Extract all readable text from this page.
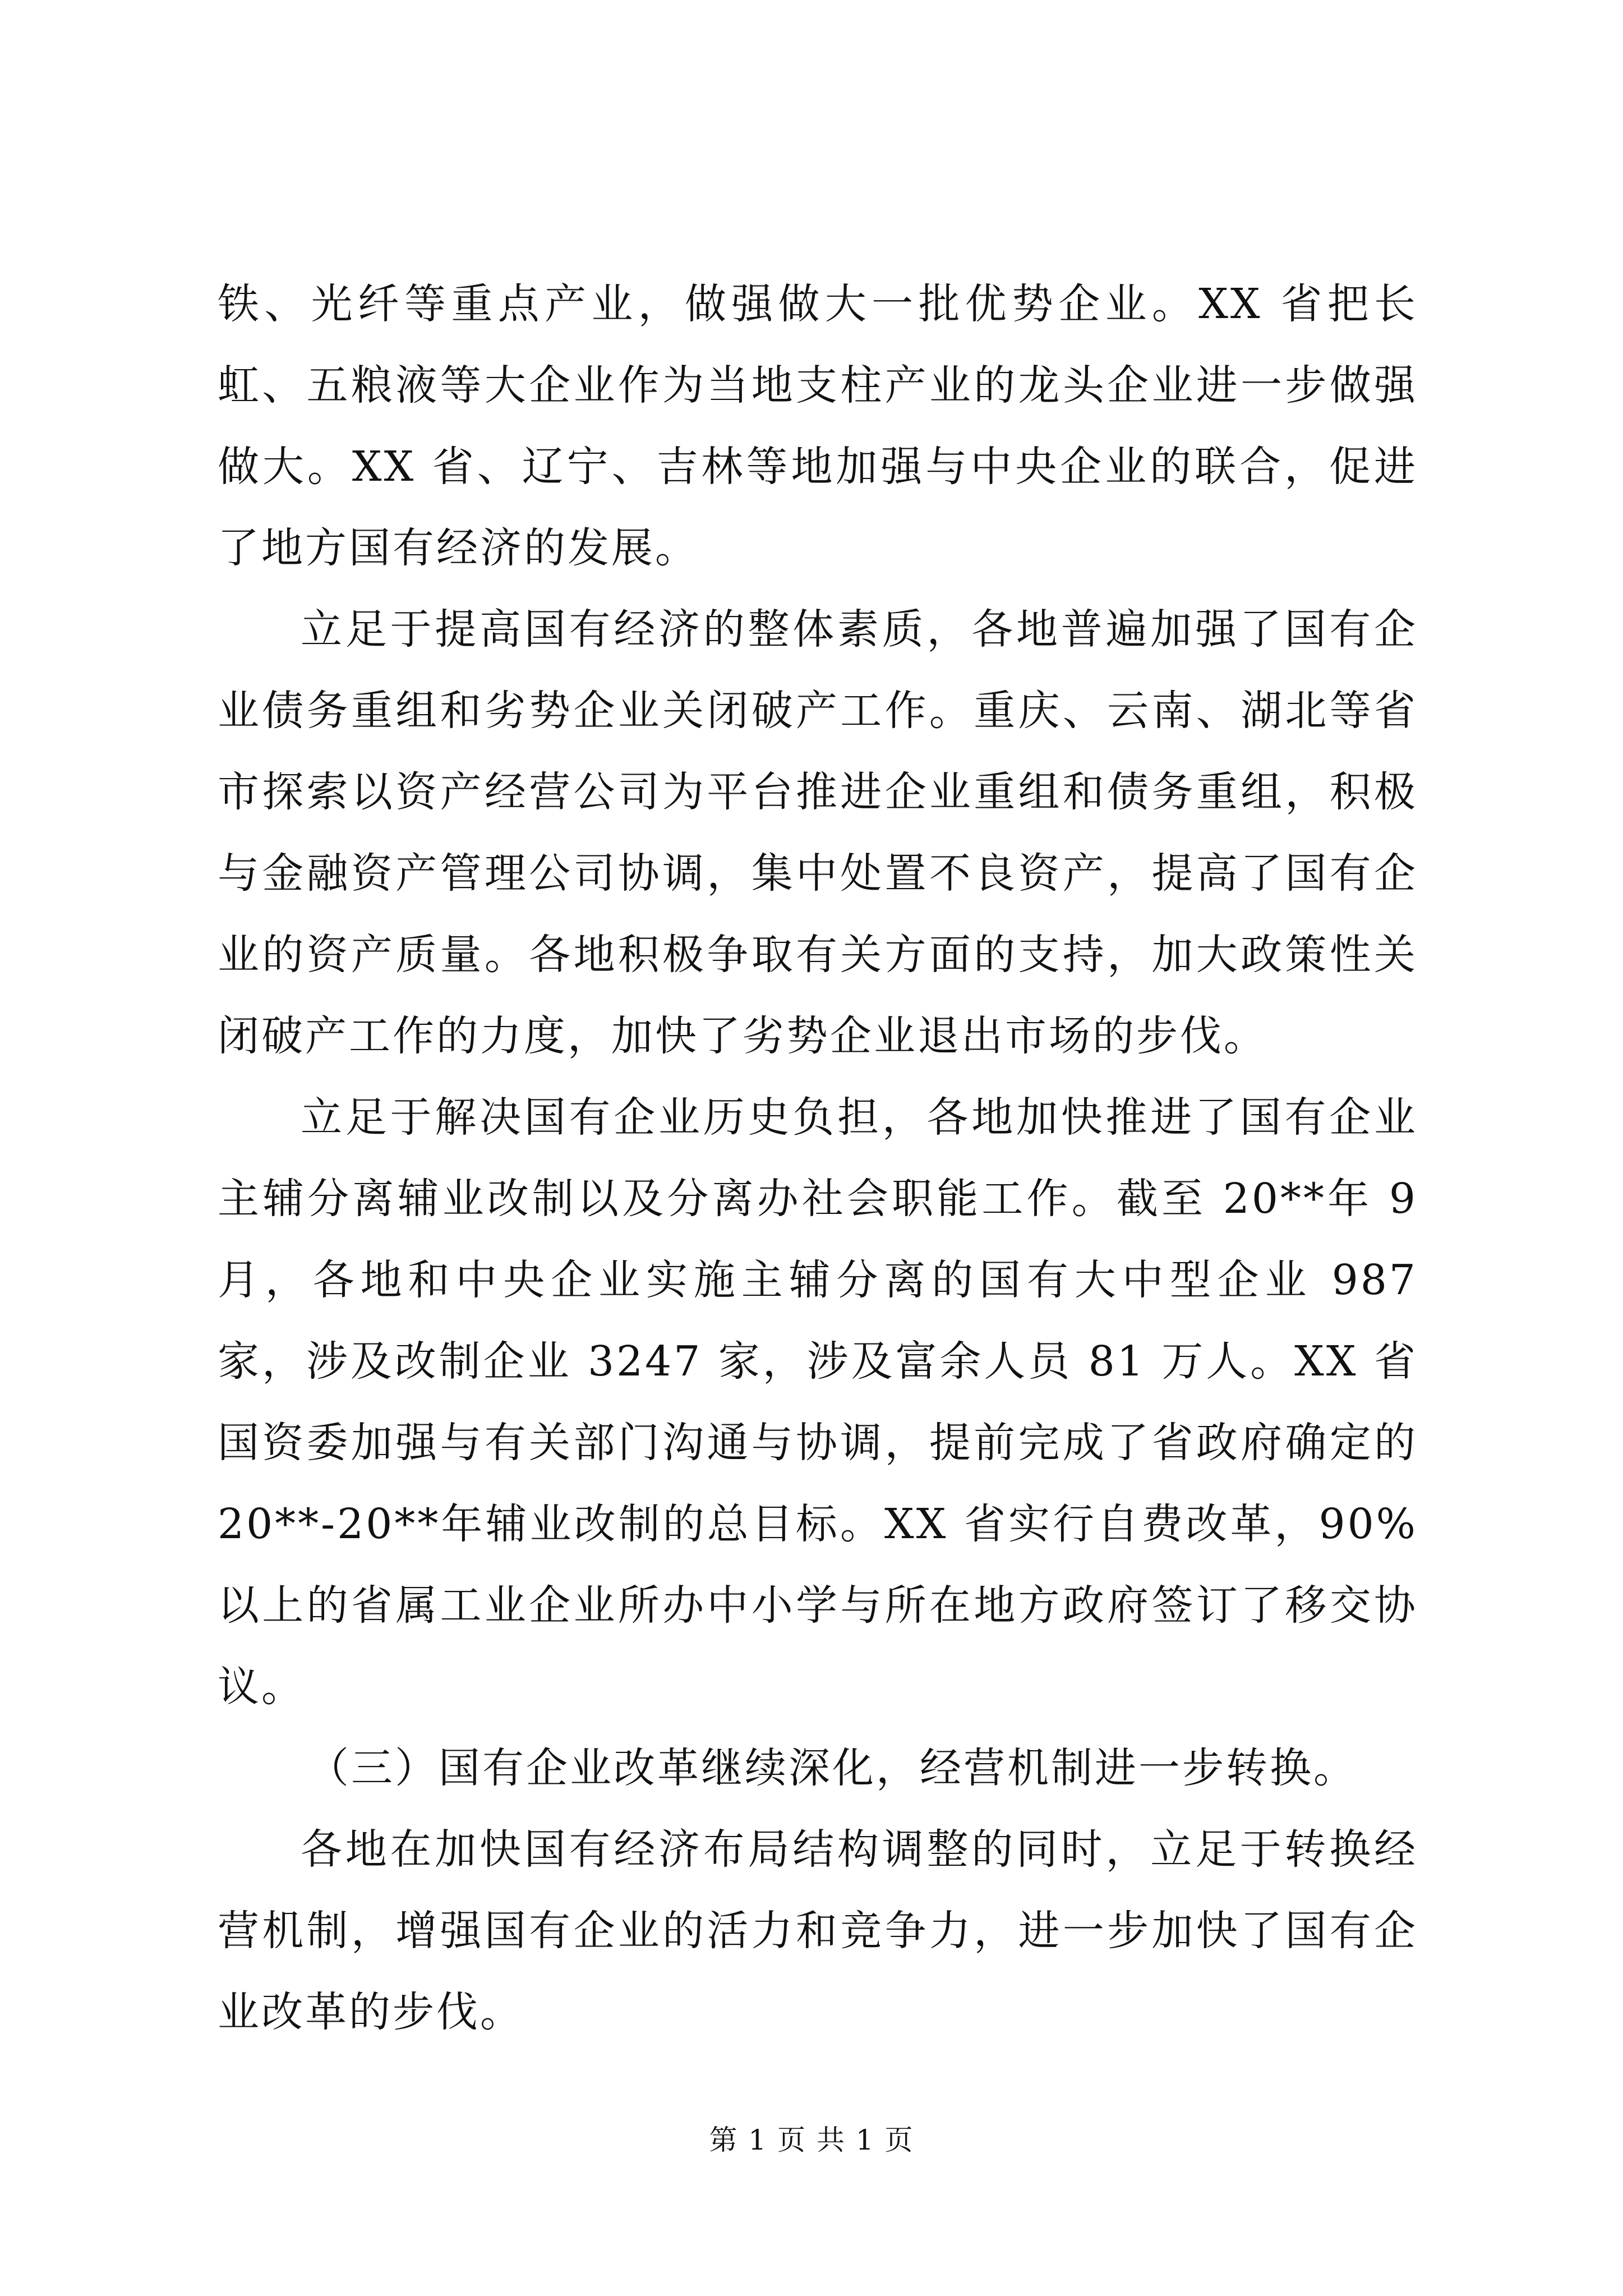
铁、光纤等重点产业，做强做大一批优势企业。XX 省把长虹、五粮液等大企业作为当地支柱产业的龙头企业进一步做强做大。XX 省、辽宁、吉林等地加强与中央企业的联合，促进了地方国有经济的发展。

立足于提高国有经济的整体素质，各地普遍加强了国有企业债务重组和劣势企业关闭破产工作。重庆、云南、湖北等省市探索以资产经营公司为平台推进企业重组和债务重组，积极与金融资产管理公司协调，集中处置不良资产，提高了国有企业的资产质量。各地积极争取有关方面的支持，加大政策性关闭破产工作的力度，加快了劣势企业退出市场的步伐。

立足于解决国有企业历史负担，各地加快推进了国有企业主辅分离辅业改制以及分离办社会职能工作。截至 20**年 9 月，各地和中央企业实施主辅分离的国有大中型企业 987 家，涉及改制企业 3247 家，涉及富余人员 81 万人。XX 省国资委加强与有关部门沟通与协调，提前完成了省政府确定的 20**-20**年辅业改制的总目标。XX 省实行自费改革，90%以上的省属工业企业所办中小学与所在地方政府签订了移交协议。

（三）国有企业改革继续深化，经营机制进一步转换。

各地在加快国有经济布局结构调整的同时，立足于转换经营机制，增强国有企业的活力和竞争力，进一步加快了国有企业改革的步伐。

第 1 页 共 1 页
